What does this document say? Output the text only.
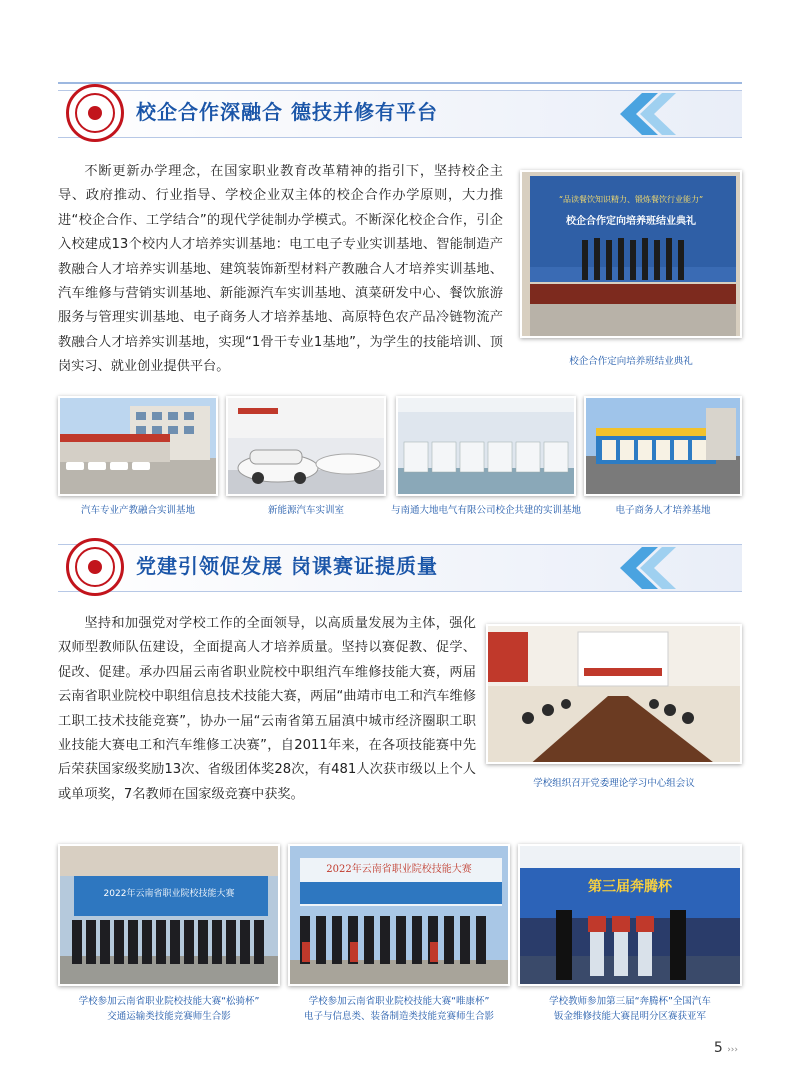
校企合作深融合 德技并修有平台

不断更新办学理念，在国家职业教育改革精神的指引下，坚持校企主导、政府推动、行业指导、学校企业双主体的校企合作办学原则，大力推进“校企合作、工学结合”的现代学徒制办学模式。不断深化校企合作，引企入校建成13个校内人才培养实训基地：电工电子专业实训基地、智能制造产教融合人才培养实训基地、建筑装饰新型材料产教融合人才培养实训基地、汽车维修与营销实训基地、新能源汽车实训基地、滇菜研发中心、餐饮旅游服务与管理实训基地、电子商务人才培养基地、高原特色农产品冷链物流产教融合人才培养实训基地，实现“1骨干专业1基地”，为学生的技能培训、顶岗实习、就业创业提供平台。

“品读餐饮知识精力、锻炼餐饮行业能力”
校企合作定向培养班结业典礼
校企合作定向培养班结业典礼
汽车专业产教融合实训基地	新能源汽车实训室	与南通大地电气有限公司校企共建的实训基地	电子商务人才培养基地
党建引领促发展 岗课赛证提质量

坚持和加强党对学校工作的全面领导，以高质量发展为主体，强化双师型教师队伍建设，全面提高人才培养质量。坚持以赛促教、促学、促改、促建。承办四届云南省职业院校中职组汽车维修技能大赛，两届云南省职业院校中职组信息技术技能大赛，两届“曲靖市电工和汽车维修工职工技术技能竞赛”，协办一届“云南省第五届滇中城市经济圈职工职业技能大赛电工和汽车维修工决赛”，自2011年来，在各项技能赛中先后荣获国家级奖励13次、省级团体奖28次，有481人次获市级以上个人或单项奖，7名教师在国家级竞赛中获奖。

学校组织召开党委理论学习中心组会议
2022年云南省职业院校技能大赛
2022年云南省职业院校技能大赛
第三届奔腾杯
学校参加云南省职业院校技能大赛“松骑杯”
交通运输类技能竞赛师生合影
学校参加云南省职业院校技能大赛“唯康杯”
电子与信息类、装备制造类技能竞赛师生合影
学校教师参加第三届“奔腾杯”全国汽车
钣金维修技能大赛昆明分区赛获亚军
5 ›››
